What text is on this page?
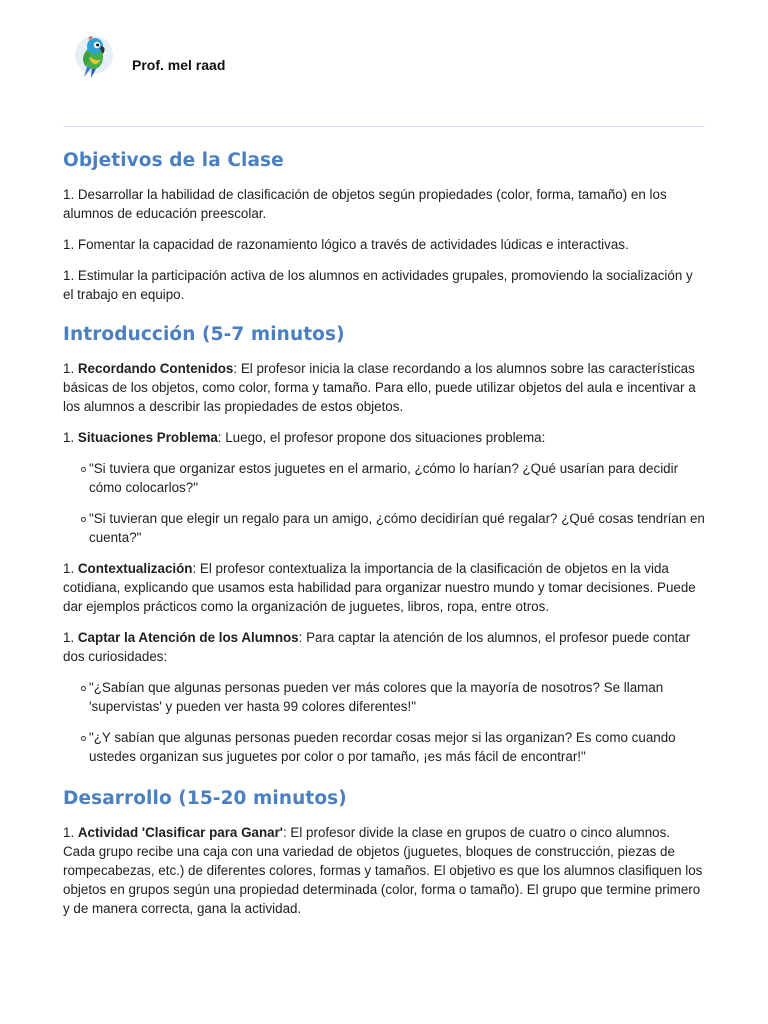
Prof. mel raad
Objetivos de la Clase

1. Desarrollar la habilidad de clasificación de objetos según propiedades (color, forma, tamaño) en los alumnos de educación preescolar.

1. Fomentar la capacidad de razonamiento lógico a través de actividades lúdicas e interactivas.

1. Estimular la participación activa de los alumnos en actividades grupales, promoviendo la socialización y el trabajo en equipo.

Introducción (5-7 minutos)

1. Recordando Contenidos: El profesor inicia la clase recordando a los alumnos sobre las características básicas de los objetos, como color, forma y tamaño. Para ello, puede utilizar objetos del aula e incentivar a los alumnos a describir las propiedades de estos objetos.

1. Situaciones Problema: Luego, el profesor propone dos situaciones problema:

"Si tuviera que organizar estos juguetes en el armario, ¿cómo lo harían? ¿Qué usarían para decidir cómo colocarlos?"
"Si tuvieran que elegir un regalo para un amigo, ¿cómo decidirían qué regalar? ¿Qué cosas tendrían en cuenta?"

1. Contextualización: El profesor contextualiza la importancia de la clasificación de objetos en la vida cotidiana, explicando que usamos esta habilidad para organizar nuestro mundo y tomar decisiones. Puede dar ejemplos prácticos como la organización de juguetes, libros, ropa, entre otros.

1. Captar la Atención de los Alumnos: Para captar la atención de los alumnos, el profesor puede contar dos curiosidades:

"¿Sabían que algunas personas pueden ver más colores que la mayoría de nosotros? Se llaman 'supervistas' y pueden ver hasta 99 colores diferentes!"
"¿Y sabían que algunas personas pueden recordar cosas mejor si las organizan? Es como cuando ustedes organizan sus juguetes por color o por tamaño, ¡es más fácil de encontrar!"
Desarrollo (15-20 minutos)

1. Actividad 'Clasificar para Ganar': El profesor divide la clase en grupos de cuatro o cinco alumnos. Cada grupo recibe una caja con una variedad de objetos (juguetes, bloques de construcción, piezas de rompecabezas, etc.) de diferentes colores, formas y tamaños. El objetivo es que los alumnos clasifiquen los objetos en grupos según una propiedad determinada (color, forma o tamaño). El grupo que termine primero y de manera correcta, gana la actividad.
